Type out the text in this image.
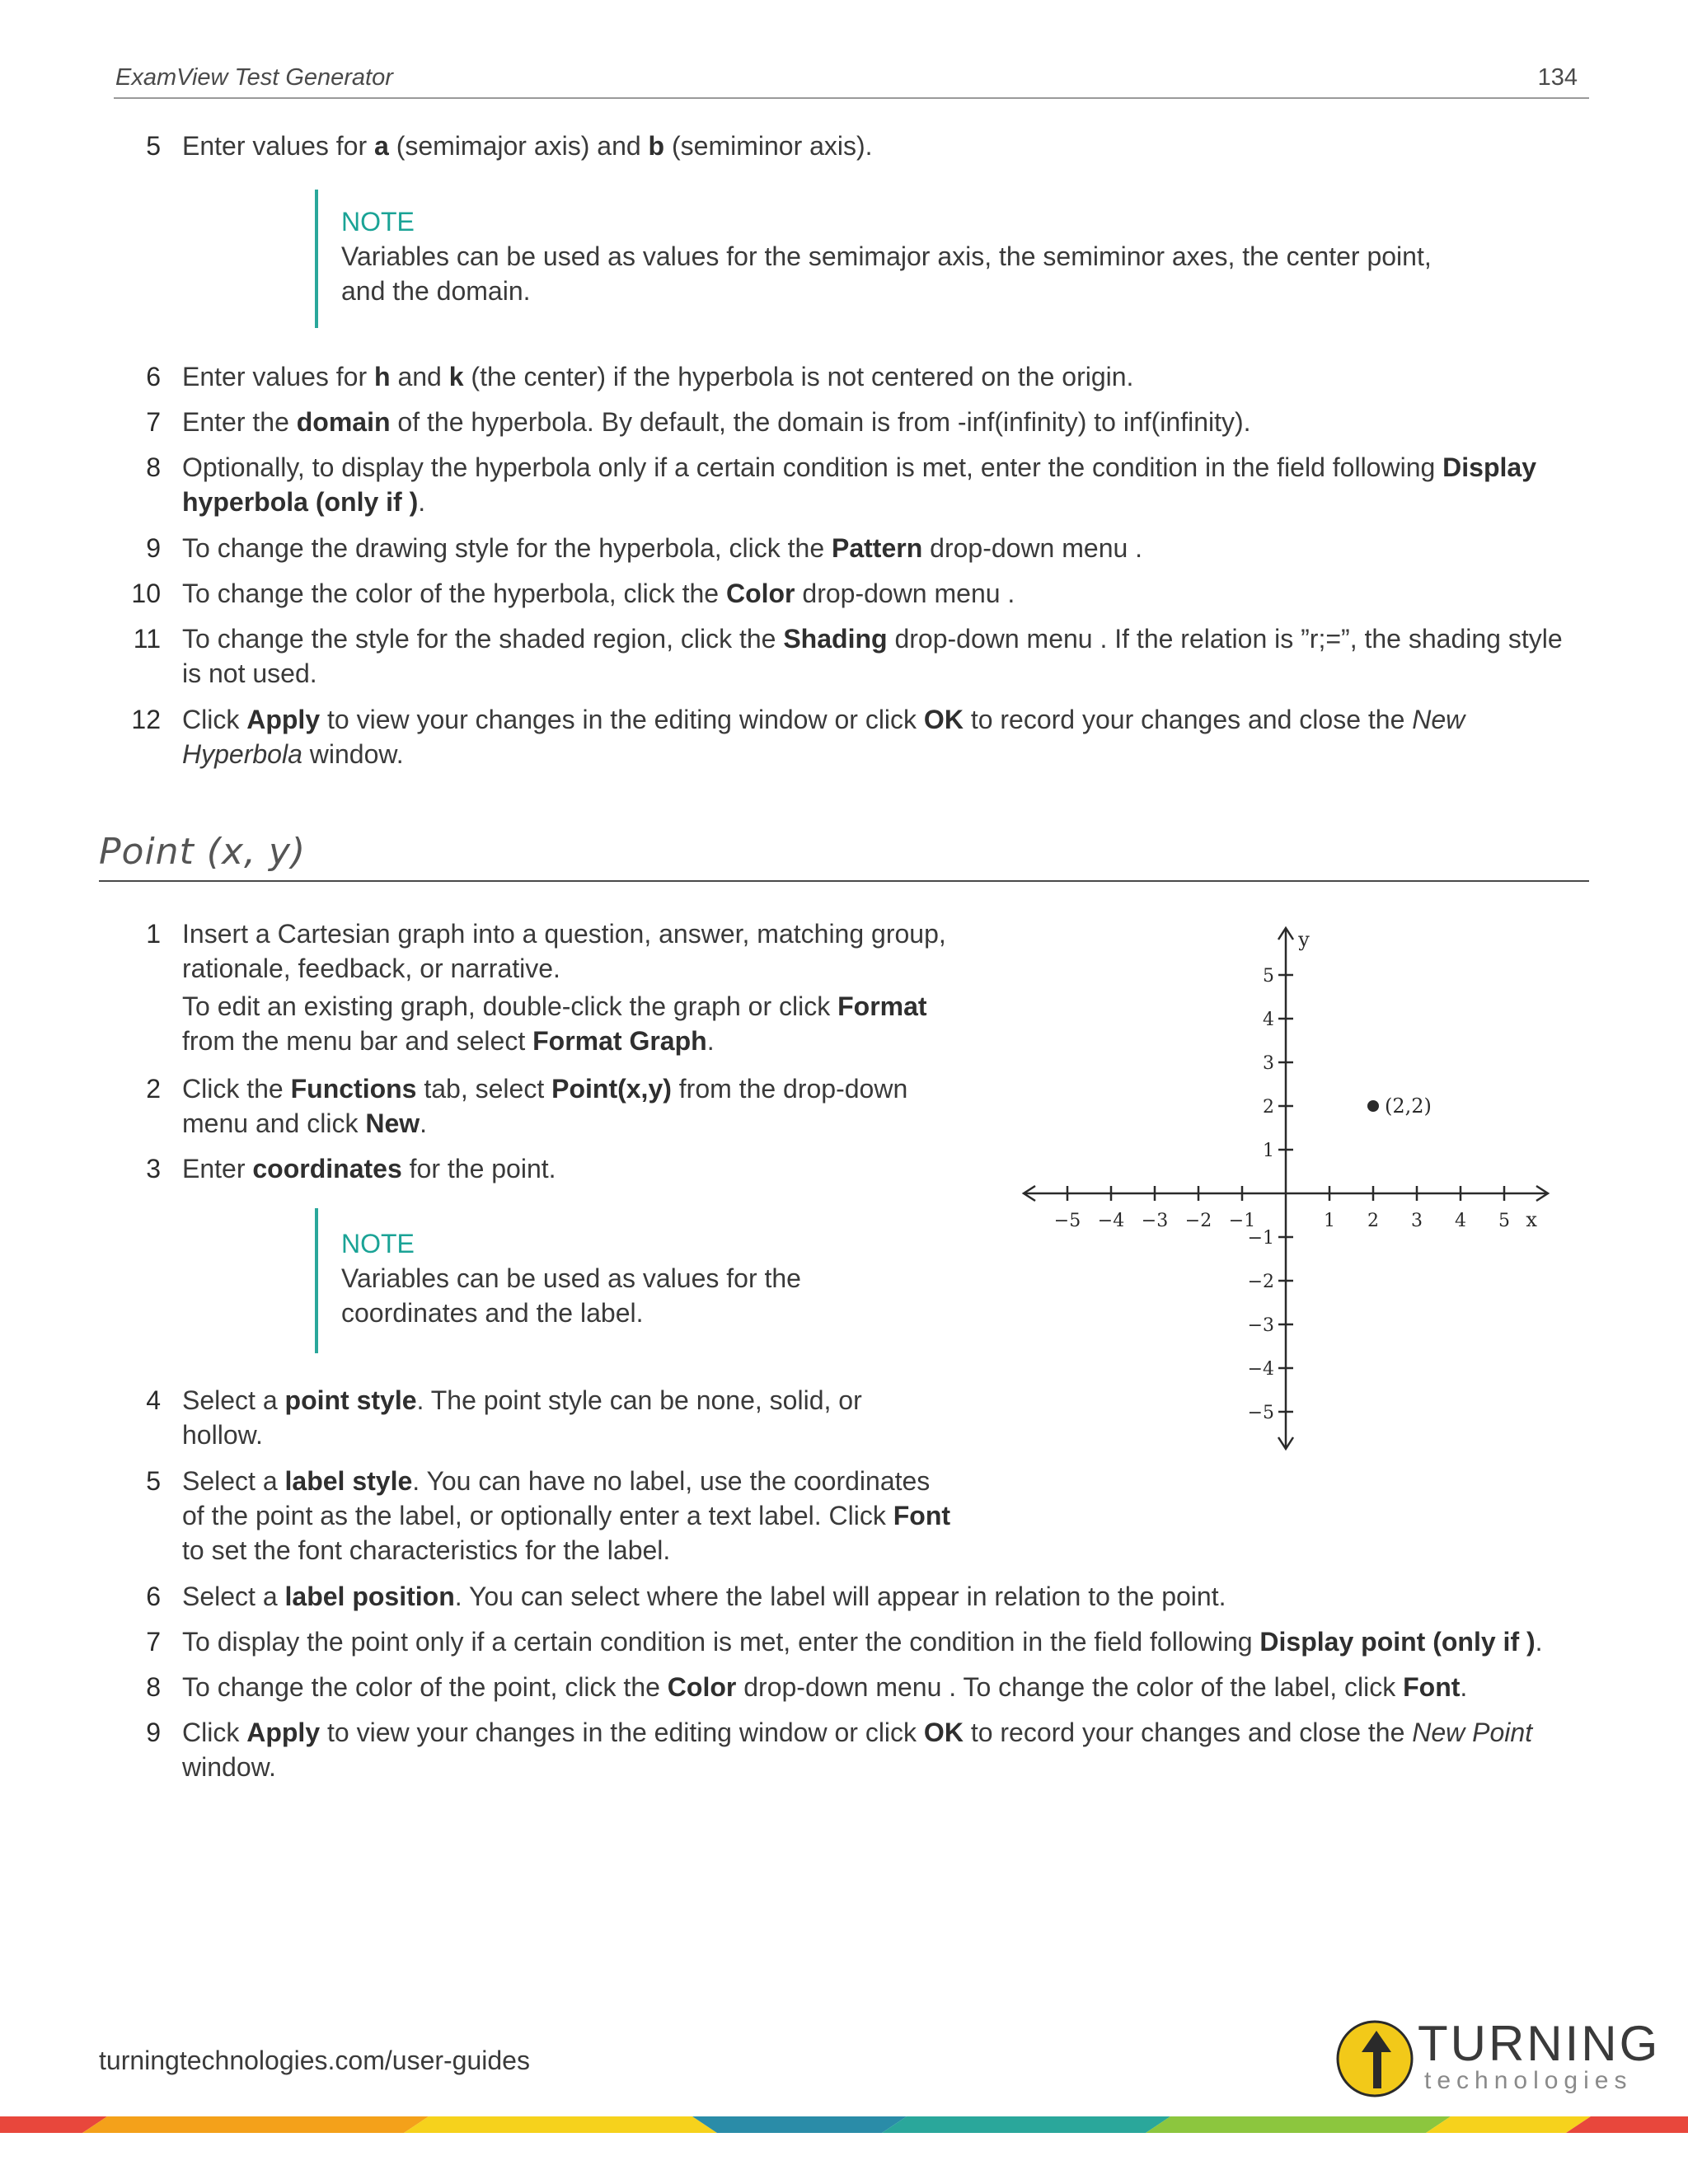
ExamView Test Generator	134
5 Enter values for a (semimajor axis) and b (semiminor axis).
NOTE
Variables can be used as values for the semimajor axis, the semiminor axes, the center point, and the domain.
6 Enter values for h and k (the center) if the hyperbola is not centered on the origin.
7 Enter the domain of the hyperbola. By default, the domain is from -inf(infinity) to inf(infinity).
8 Optionally, to display the hyperbola only if a certain condition is met, enter the condition in the field following Display hyperbola (only if ).
9 To change the drawing style for the hyperbola, click the Pattern drop-down menu .
10 To change the color of the hyperbola, click the Color drop-down menu .
11 To change the style for the shaded region, click the Shading drop-down menu . If the relation is ”r;=”, the shading style is not used.
12 Click Apply to view your changes in the editing window or click OK to record your changes and close the New Hyperbola window.
Point (x, y)
1 Insert a Cartesian graph into a question, answer, matching group, rationale, feedback, or narrative.
To edit an existing graph, double-click the graph or click Format from the menu bar and select Format Graph.
2 Click the Functions tab, select Point(x,y) from the drop-down menu and click New.
3 Enter coordinates for the point.
NOTE
Variables can be used as values for the coordinates and the label.
4 Select a point style. The point style can be none, solid, or hollow.
5 Select a label style. You can have no label, use the coordinates of the point as the label, or optionally enter a text label. Click Font to set the font characteristics for the label.
6 Select a label position. You can select where the label will appear in relation to the point.
7 To display the point only if a certain condition is met, enter the condition in the field following Display point (only if ).
8 To change the color of the point, click the Color drop-down menu . To change the color of the label, click Font.
9 Click Apply to view your changes in the editing window or click OK to record your changes and close the New Point window.
−5 −4 −3 −2 −1	1 2 3 4 5
5
4
3
2
1
−1
−2
−3
−4
−5
x
y
(2,2)
turningtechnologies.com/user-guides	TURNING
technologies
